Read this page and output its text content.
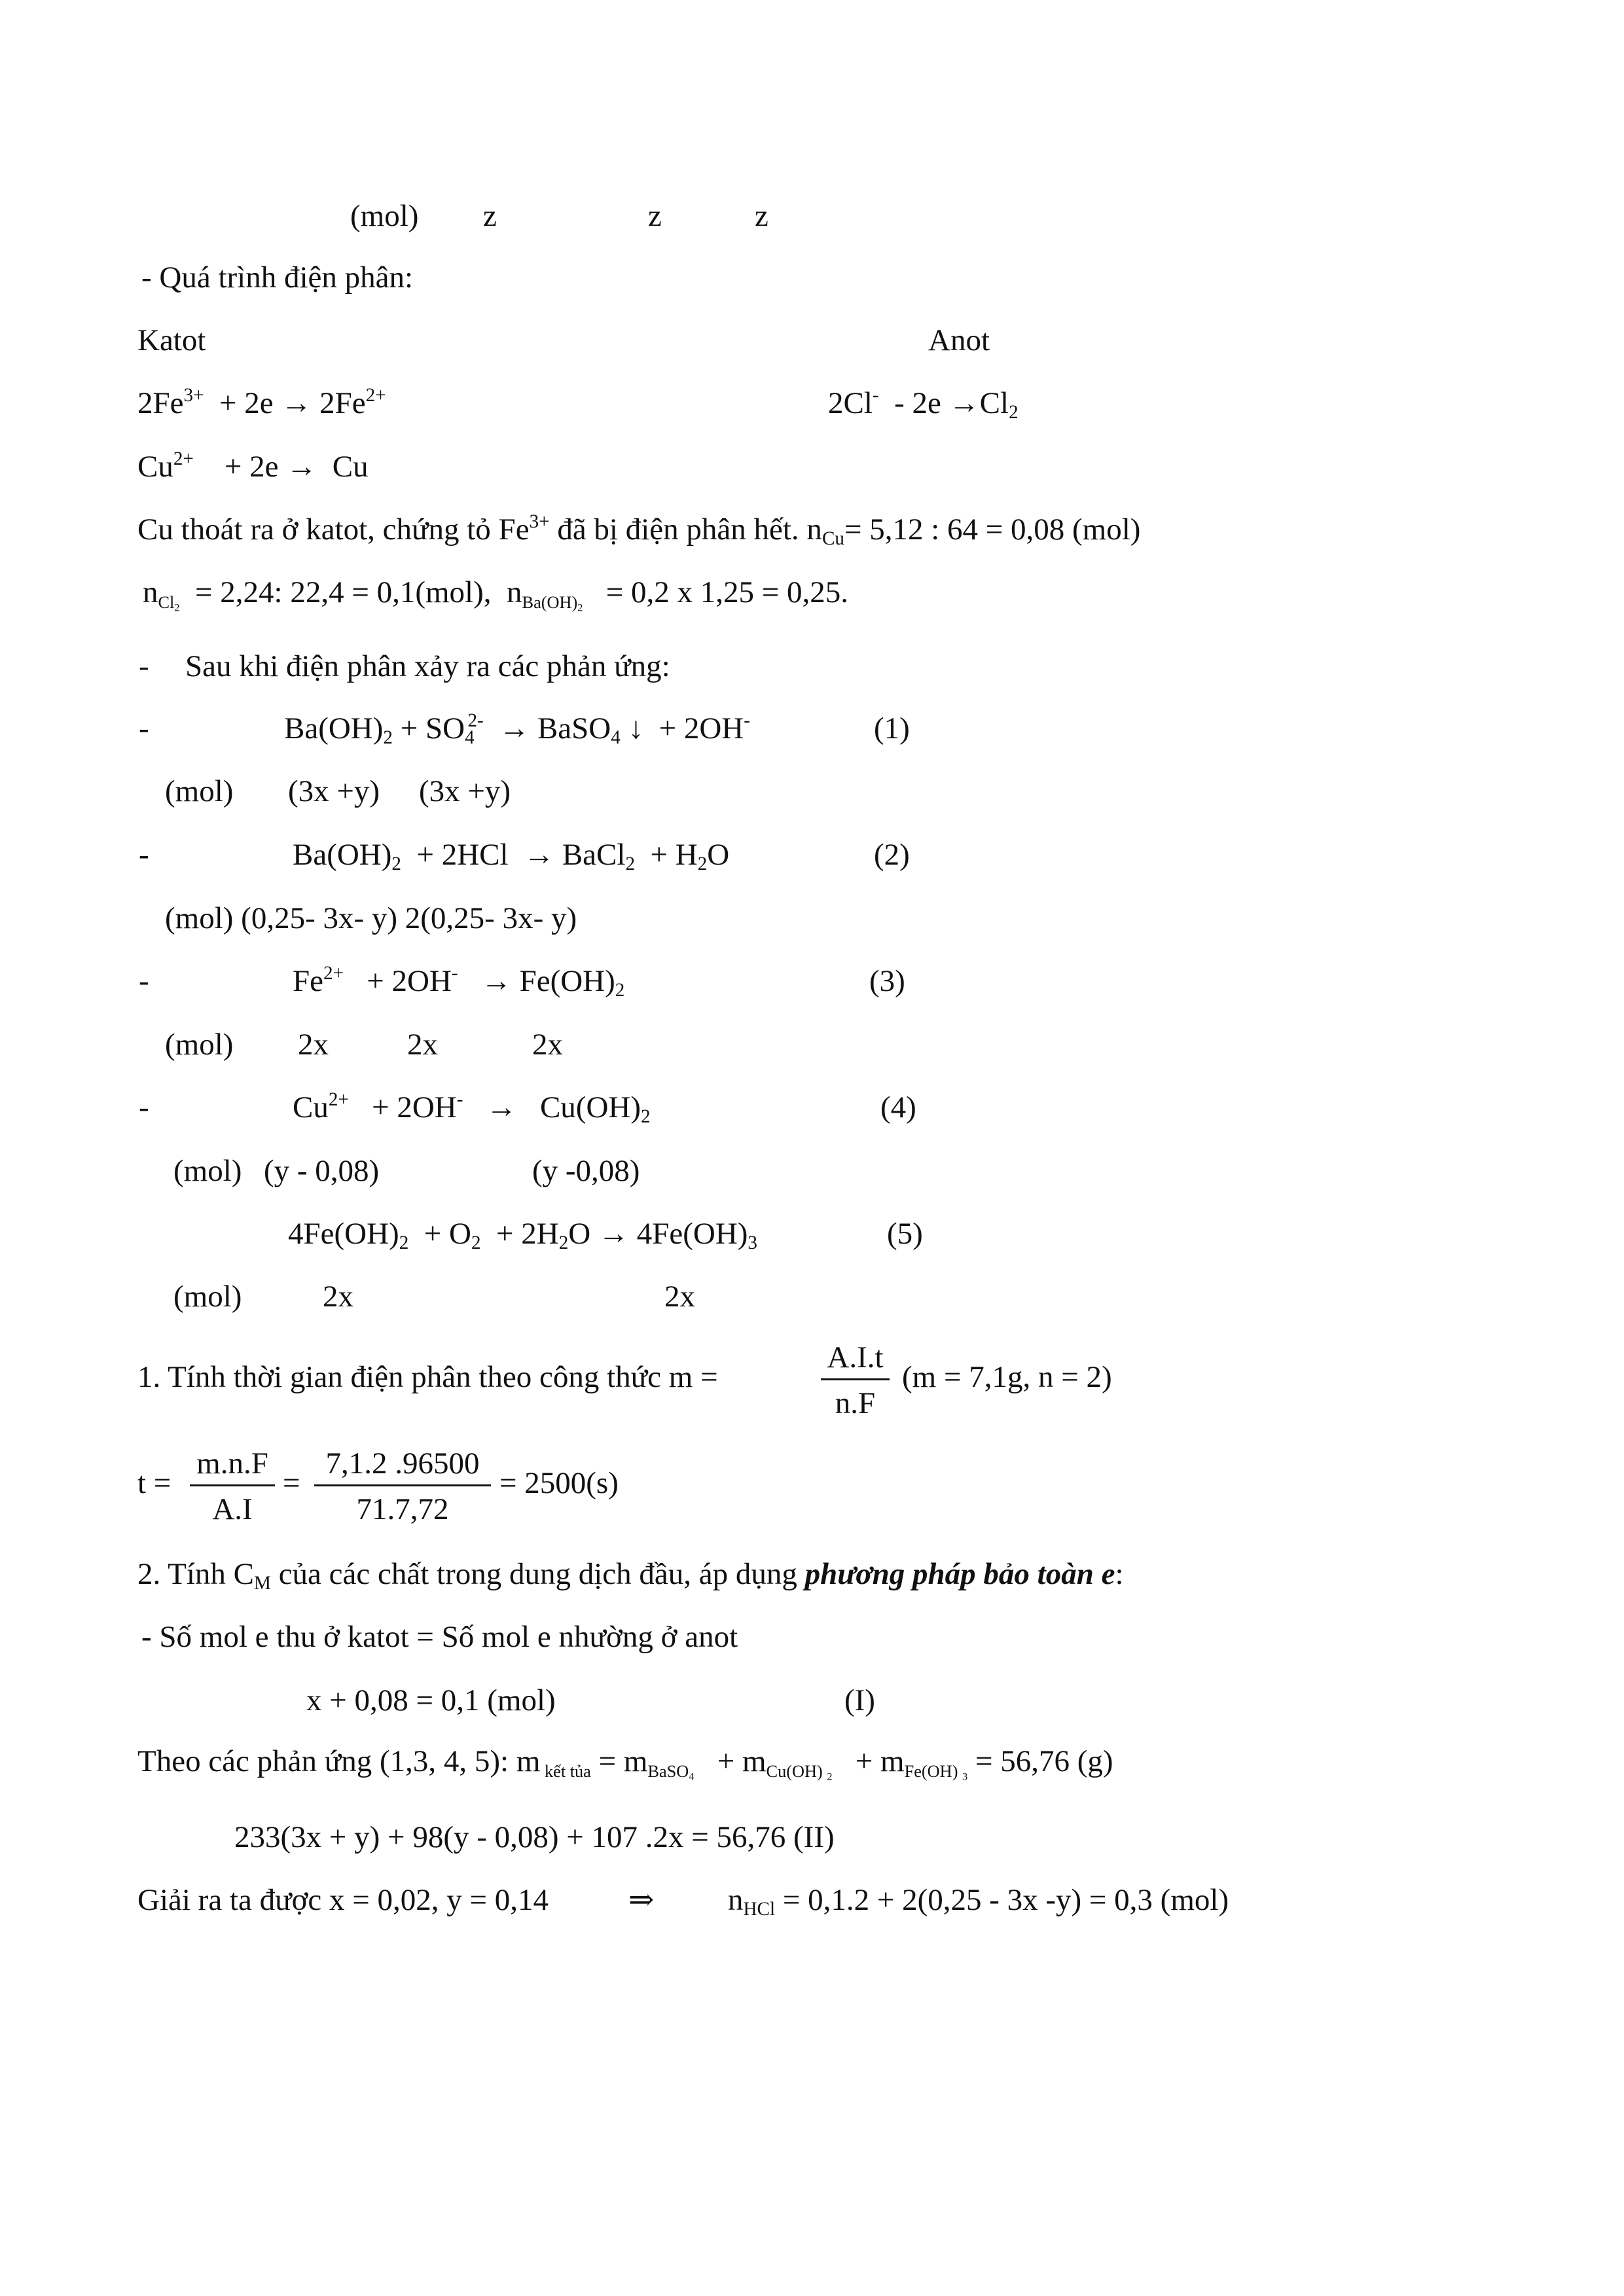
(mol) z	z	z
- Quá trình điện phân:
Katot	Anot
$2Fe^{3+} + 2e \to 2Fe^{2+}$	$2Cl^- - 2e \to Cl_2$
$Cu^{2+} + 2e \to Cu$
Cu thoát ra ở katot, chứng tỏ $Fe^{3+}$ đã bị điện phân hết. $n_{Cu}= 5,12$ : 64 = 0,08 (mol)
nCl$_2$ = 2,24: 22,4 = 0,1(mol), $nBa(OH)_2 = 0,2$ x 1,25 = 0,25.
- Sau khi điện phân xảy ra các phản ứng:
-	$Ba(OH)_2 + SO_4^{2-}$ → BaSO$_4$ ↓ + 2OH-	(1)
(mol) (3x +y) (3x +y)
-	$Ba(OH)_2 + 2HCl$ → BaCl$_2$ + $H_2O$	(2)
(mol) (0,25- 3x- y) 2(0,25- 3x- y)
-	$Fe^{2+} + 2OH^- \to Fe(OH)_2$	(3)
(mol) 2x	2x	2x
-	$Cu^{2+} + 2OH^- \to Cu(OH)_2$	(4)
(mol) (y - 0,08)	(y -0,08)
$4Fe(OH)_2 + O_2 + 2H_2O \to 4Fe(OH)_3$	(5)
(mol)	2x	2x
1. Tính thời gian điện phân theo công thức m =	$\frac{A.I.t}{n.F} (m = 7,1g$, n = 2)
$t = \frac{m.n.F}{A.I} = \frac{7,1.2 .96500}{71.7,72} = 2500(s)$
2. Tính $C_M$ của các chất trong dung dịch đầu, áp dụng phương pháp bảo toàn e:
- Số mol e thu ở katot = Số mol e nhường ở anot
x + 0,08 = 0,1 (mol)	(I)
Theo các phản ứng (1,3, 4, 5): m kết tủa = mBaSO$_4$ + mCu(OH) $_2$ + mFe(OH) $_3$ = 56,76 (g)
233(3x + y) + 98(y - 0,08) + 107 .2x = 56,76 (II)
Giải ra ta được x = 0,02, y = 0,14	⇒ $n_{HCl} = 0,1.2 + 2(0,25 - 3x$ -y) = 0,3 (mol)
